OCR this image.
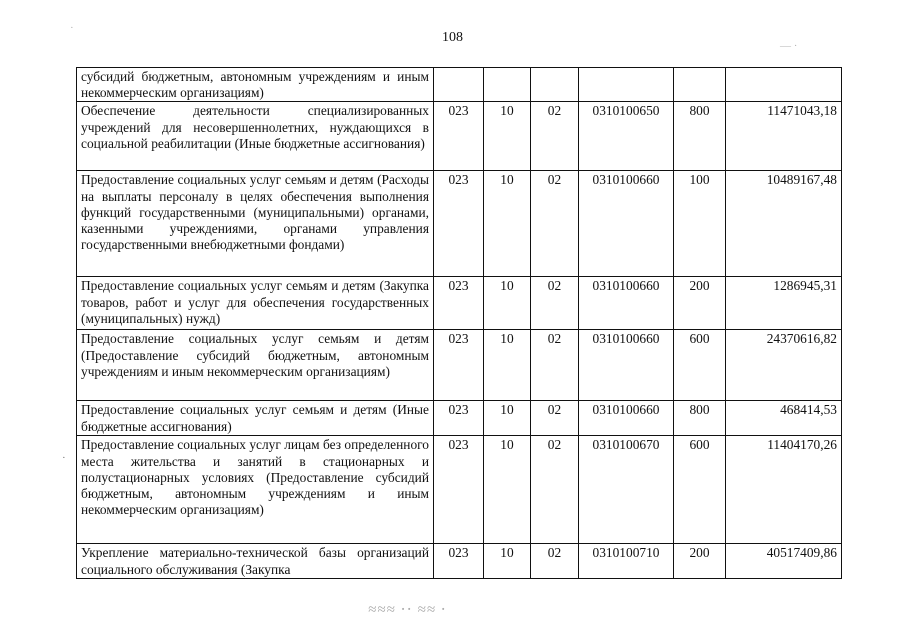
108
субсидий бюджетным, автономным учреждениям и иным некоммерческим организациям)						
Обеспечение деятельности специализированных учреждений для несовершеннолетних, нуждающихся в социальной реабилитации (Иные бюджетные ассигнования)	023	10	02	0310100650	800	11471043,18
Предоставление социальных услуг семьям и детям (Расходы на выплаты персоналу в целях обеспечения выполнения функций государственными (муниципальными) органами, казенными учреждениями, органами управления государственными внебюджетными фондами)	023	10	02	0310100660	100	10489167,48
Предоставление социальных услуг семьям и детям (Закупка товаров, работ и услуг для обеспечения государственных (муниципальных) нужд)	023	10	02	0310100660	200	1286945,31
Предоставление социальных услуг семьям и детям (Предоставление субсидий бюджетным, автономным учреждениям и иным некоммерческим организациям)	023	10	02	0310100660	600	24370616,82
Предоставление социальных услуг семьям и детям (Иные бюджетные ассигнования)	023	10	02	0310100660	800	468414,53
Предоставление социальных услуг лицам без определенного места жительства и занятий в стационарных и полустационарных условиях (Предоставление субсидий бюджетным, автономным учреждениям и иным некоммерческим организациям)	023	10	02	0310100670	600	11404170,26
Укрепление материально-технической базы организаций социального обслуживания (Закупка	023	10	02	0310100710	200	40517409,86
·
— ·
·
≈≈≈ ⋅⋅ ≈≈ ⋅
